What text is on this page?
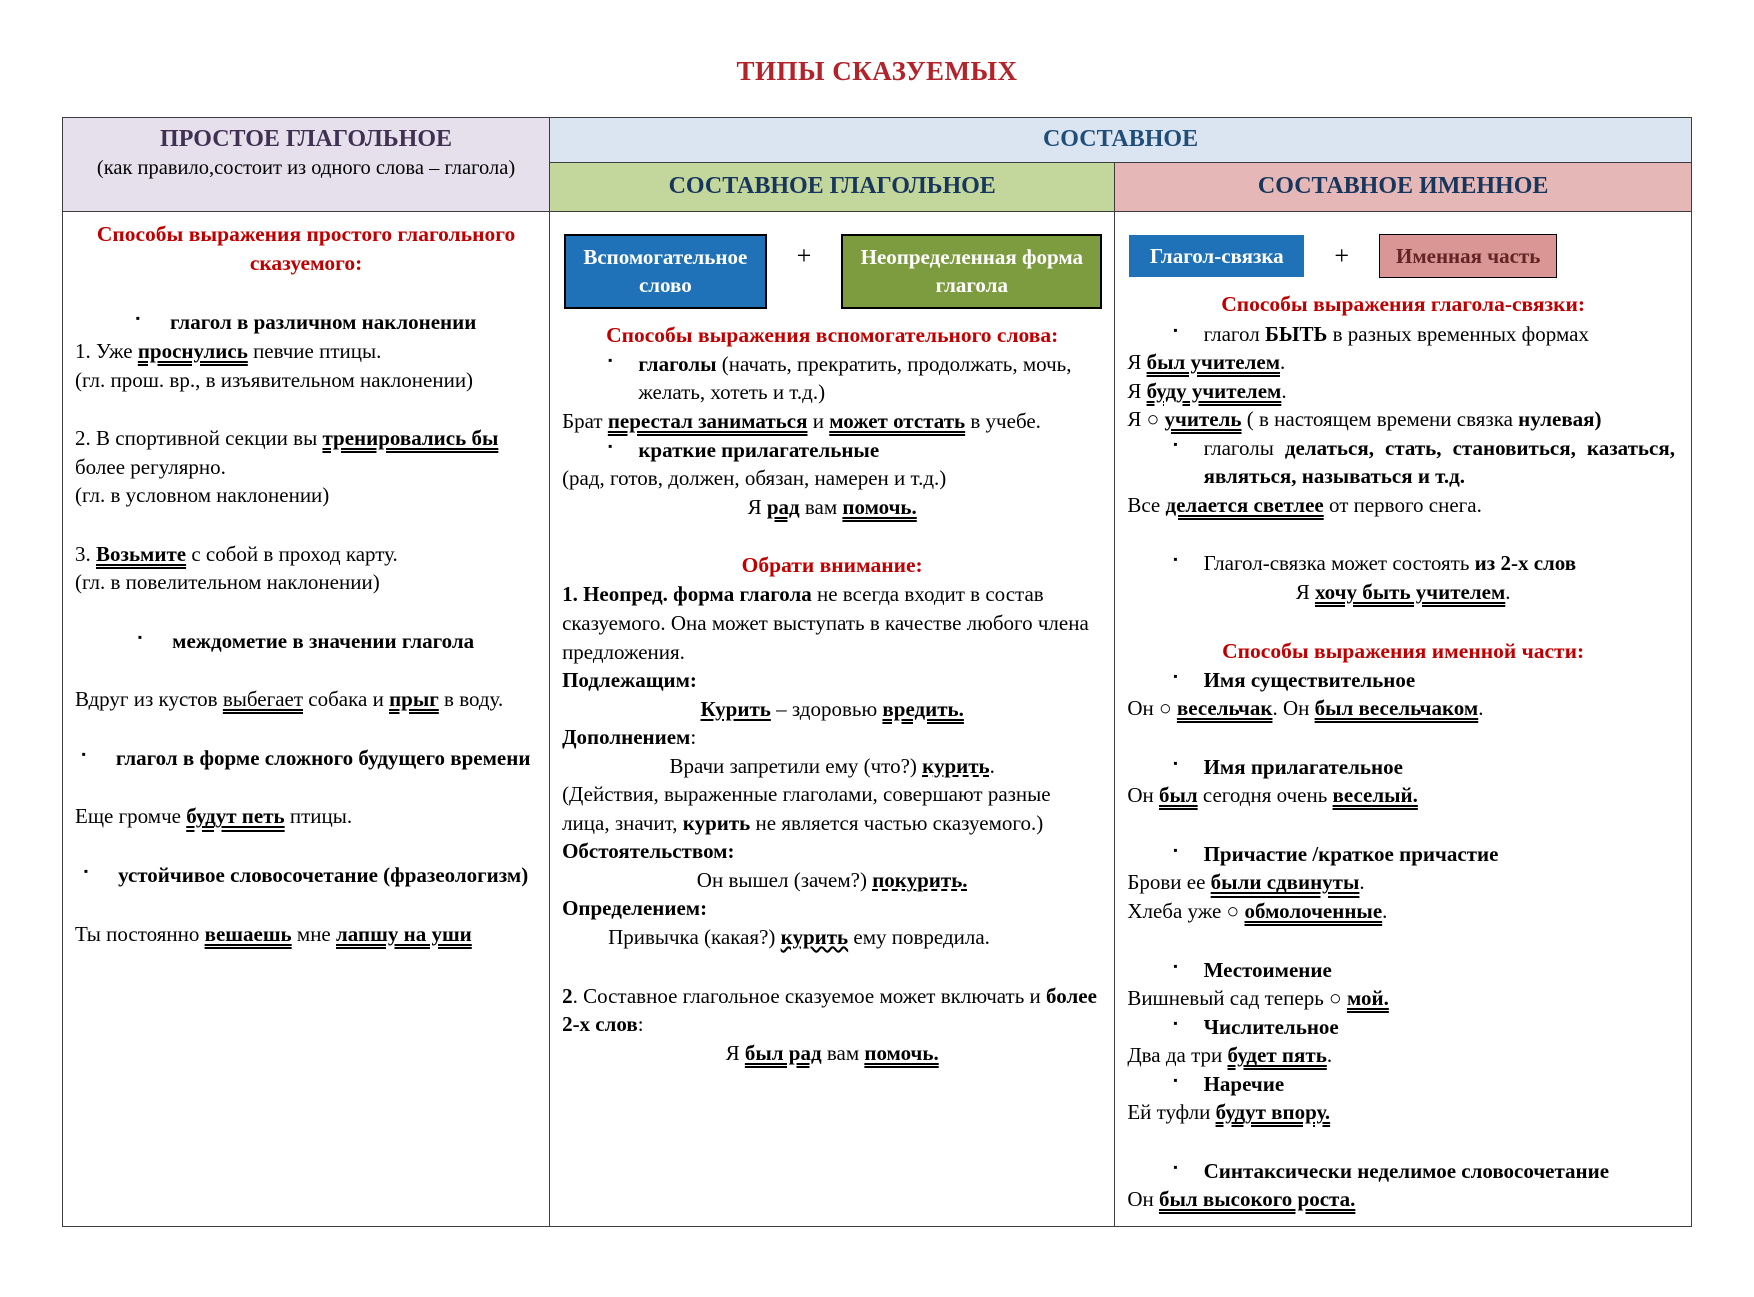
ТИПЫ СКАЗУЕМЫХ
ПРОСТОЕ ГЛАГОЛЬНОЕ
(как правило,состоит из одного слова – глагола)
СОСТАВНОЕ
СОСТАВНОЕ ГЛАГОЛЬНОЕ	СОСТАВНОЕ ИМЕННОЕ

Способы выражения простого глагольного сказуемого:

▪ глагол в различном наклонении

1. Уже проснулись певчие птицы.

(гл. прош. вр., в изъявительном наклонении)

2. В спортивной секции вы тренировались бы более регулярно.

(гл. в условном наклонении)

3. Возьмите с собой в проход карту.

(гл. в повелительном наклонении)

▪ междометие в значении глагола

Вдруг из кустов выбегает собака и прыг в воду.

▪ глагол в форме сложного будущего времени

Еще громче будут петь птицы.

▪ устойчивое словосочетание (фразеологизм)

Ты постоянно вешаешь мне лапшу на уши

Вспомогательное слово
+	Неопределенная форма глагола

Способы выражения вспомогательного слова:

▪ глаголы (начать, прекратить, продолжать, мочь, желать, хотеть и т.д.)

Брат перестал заниматься и может отстать в учебе.

▪ краткие прилагательные

(рад, готов, должен, обязан, намерен и т.д.)

Я рад вам помочь.

Обрати внимание:

1. Неопред. форма глагола не всегда входит в состав сказуемого. Она может выступать в качестве любого члена предложения.

Подлежащим:

Курить – здоровью вредить.

Дополнением:

Врачи запретили ему (что?) курить.

(Действия, выраженные глаголами, совершают разные лица, значит, курить не является частью сказуемого.)

Обстоятельством:

Он вышел (зачем?) покурить.

Определением:

Привычка (какая?) курить ему повредила.

2. Составное глагольное сказуемое может включать и более 2-х слов:

Я был рад вам помочь.

Глагол-связка	+	Именная часть

Способы выражения глагола-связки:

▪ глагол БЫТЬ в разных временных формах

Я был учителем.

Я буду учителем.

Я ○ учитель ( в настоящем времени связка нулевая)

▪ глаголы делаться, стать, становиться, казаться, являться, называться и т.д.

Все делается светлее от первого снега.

▪ Глагол-связка может состоять из 2-х слов

Я хочу быть учителем.

Способы выражения именной части:

▪ Имя существительное

Он ○ весельчак. Он был весельчаком.

▪ Имя прилагательное

Он был сегодня очень веселый.

▪ Причастие /краткое причастие

Брови ее были сдвинуты.

Хлеба уже ○ обмолоченные.

▪ Местоимение

Вишневый сад теперь ○ мой.

▪ Числительное

Два да три будет пять.

▪ Наречие

Ей туфли будут впору.

▪ Синтаксически неделимое словосочетание

Он был высокого роста.
